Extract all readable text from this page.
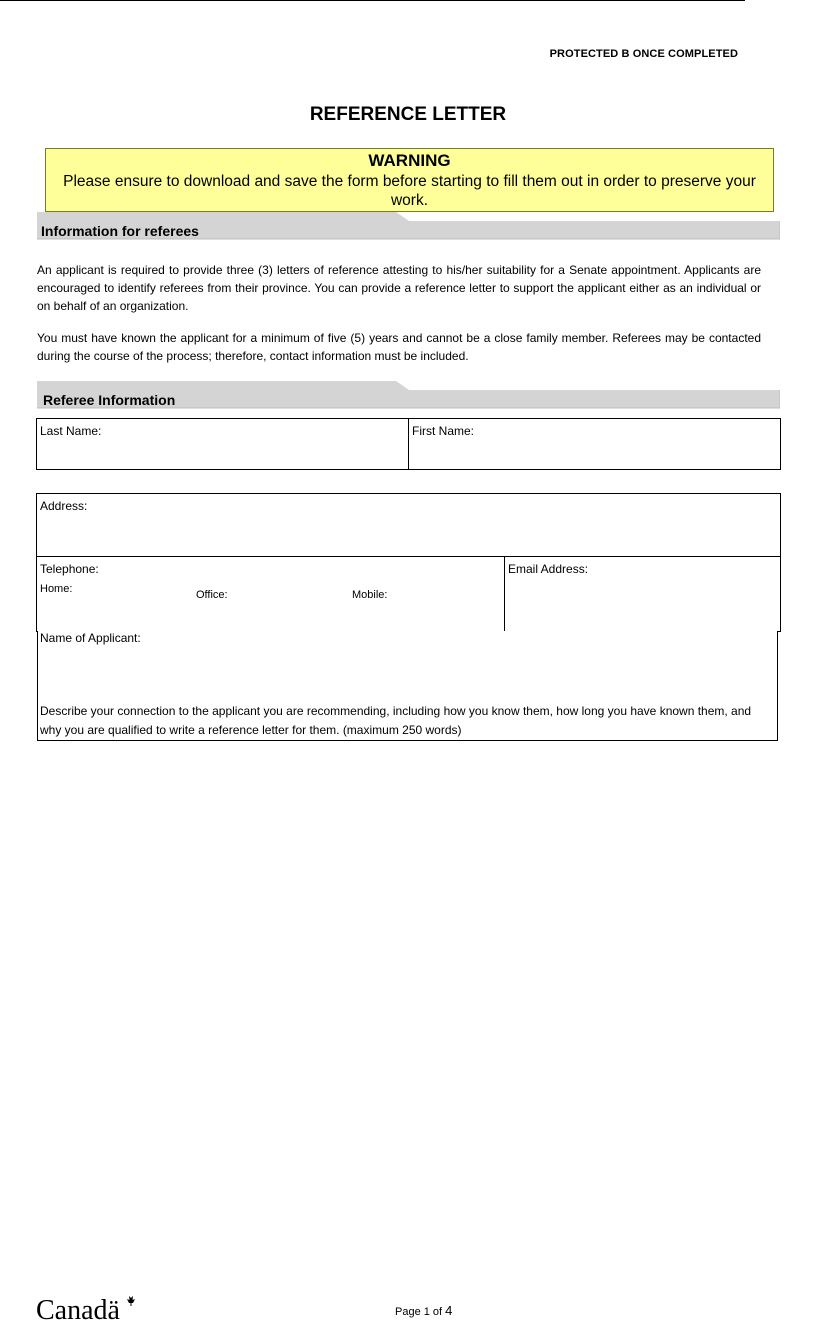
PROTECTED B ONCE COMPLETED
REFERENCE LETTER
WARNING
Please ensure to download and save the form before starting to fill them out in order to preserve your work.
Information for referees
An applicant is required to provide three (3) letters of reference attesting to his/her suitability for a Senate appointment. Applicants are encouraged to identify referees from their province. You can provide a reference letter to support the applicant either as an individual or on behalf of an organization.
You must have known the applicant for a minimum of five (5) years and cannot be a close family member. Referees may be contacted during the course of the process; therefore, contact information must be included.
Referee Information
Last Name:	First Name:
Address:
Telephone:
Home:	Office:	Mobile:
Email Address:
Name of Applicant:
Describe your connection to the applicant you are recommending, including how you know them, how long you have known them, and why you are qualified to write a reference letter for them. (maximum 250 words)
Canadä	Page 1 of 4
